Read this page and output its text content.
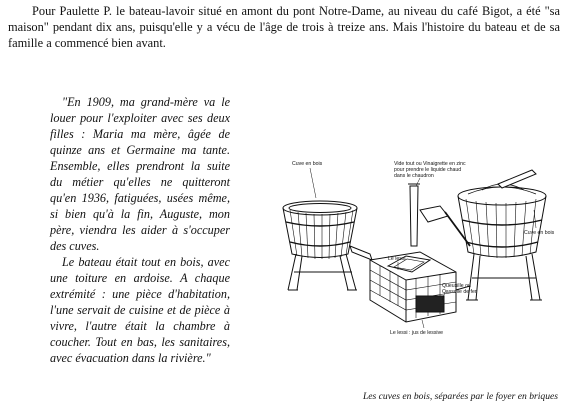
Pour Paulette P. le bateau-lavoir situé en amont du pont Notre-Dame, au niveau du café Bigot, a été "sa maison" pendant dix ans, puisqu'elle y a vécu de l'âge de trois à treize ans. Mais l'histoire du bateau et de sa famille a commencé bien avant.

"En 1909, ma grand-mère va le louer pour l'exploiter avec ses deux filles : Maria ma mère, âgée de quinze ans et Germaine ma tante. Ensemble, elles prendront la suite du métier qu'elles ne quitteront qu'en 1936, fatiguées, usées même, si bien qu'à la fin, Auguste, mon père, viendra les aider à s'occuper des cuves.

Le bateau était tout en bois, avec une toiture en ardoise. A chaque extrémité : une pièce d'habitation, l'une servait de cuisine et de pièce à vivre, l'autre était la chambre à coucher. Tout en bas, les sanitaires, avec évacuation dans la rivière."

Cuve en bois	Vide tout ou Vinaigrette en zinc
pour prendre le liquide chaud
dans le chaudron
Cuve en bois
Le lessi
Queusille ou
Cassolle de fer
Le lessi : jus de lessive
Les cuves en bois, séparées par le foyer en briques
